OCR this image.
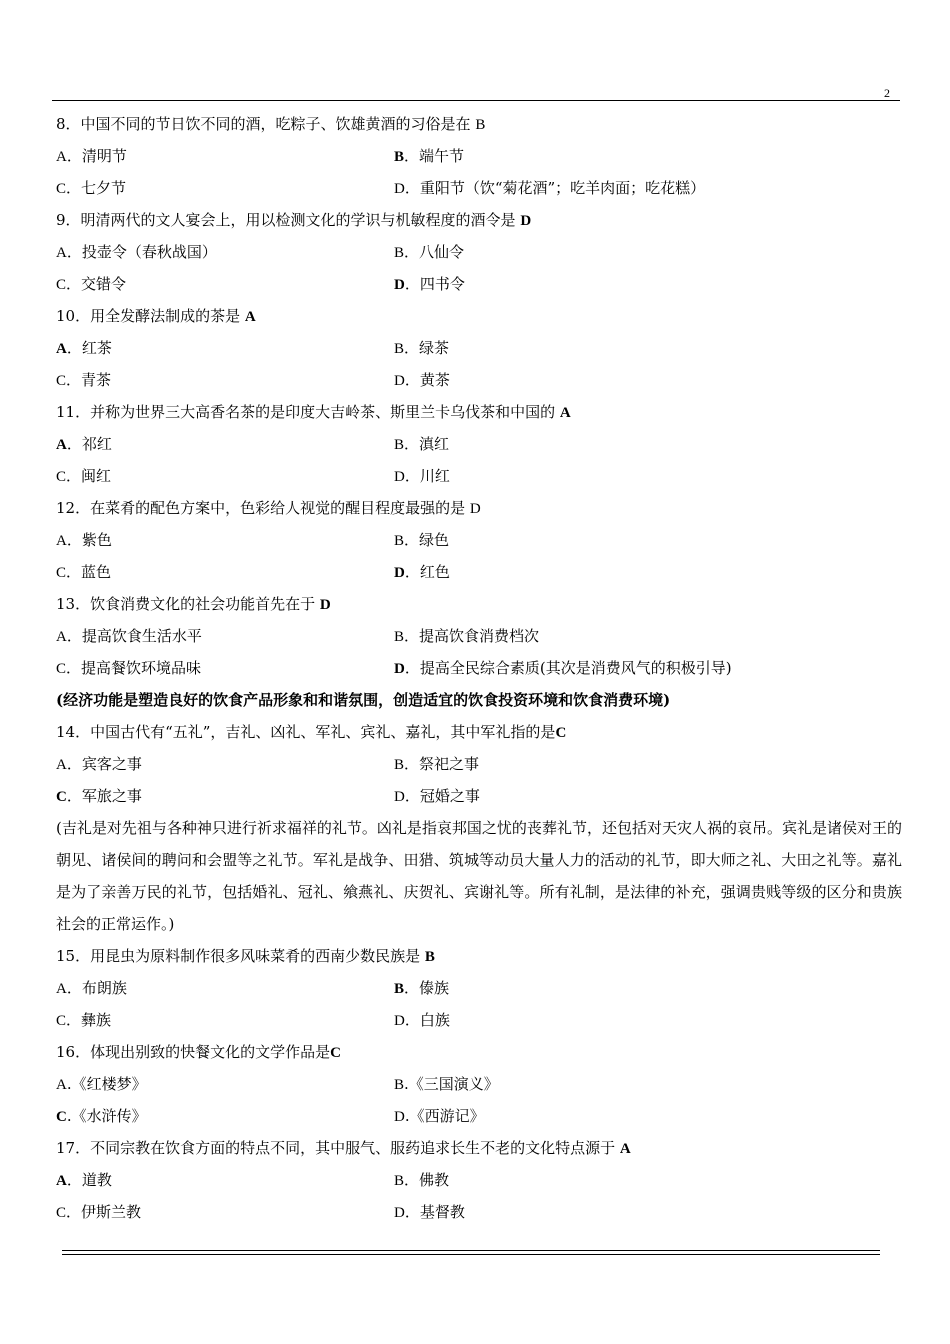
2
8．中国不同的节日饮不同的酒，吃粽子、饮雄黄酒的习俗是在 B
A．清明节	B．端午节
C．七夕节	D．重阳节（饮“菊花酒”；吃羊肉面；吃花糕）
9．明清两代的文人宴会上，用以检测文化的学识与机敏程度的酒令是 D
A．投壶令（春秋战国）	B．八仙令
C．交错令	D．四书令
10．用全发酵法制成的茶是 A
A．红茶	B．绿茶
C．青茶	D．黄茶
11．并称为世界三大高香名茶的是印度大吉岭茶、斯里兰卡乌伐茶和中国的 A
A．祁红	B．滇红
C．闽红	D．川红
12．在菜肴的配色方案中，色彩给人视觉的醒目程度最强的是 D
A．紫色	B．绿色
C．蓝色	D．红色
13．饮食消费文化的社会功能首先在于 D
A．提高饮食生活水平	B．提高饮食消费档次
C．提高餐饮环境品味	D．提高全民综合素质(其次是消费风气的积极引导)
(经济功能是塑造良好的饮食产品形象和和谐氛围，创造适宜的饮食投资环境和饮食消费环境)
14．中国古代有“五礼”，吉礼、凶礼、军礼、宾礼、嘉礼，其中军礼指的是C
A．宾客之事	B．祭祀之事
C．军旅之事	D．冠婚之事
(吉礼是对先祖与各种神只进行祈求福祥的礼节。凶礼是指哀邦国之忧的丧葬礼节，还包括对天灾人祸的哀吊。宾礼是诸侯对王的朝见、诸侯间的聘问和会盟等之礼节。军礼是战争、田猎、筑城等动员大量人力的活动的礼节，即大师之礼、大田之礼等。嘉礼是为了亲善万民的礼节，包括婚礼、冠礼、飨燕礼、庆贺礼、宾谢礼等。所有礼制，是法律的补充，强调贵贱等级的区分和贵族社会的正常运作。)
15．用昆虫为原料制作很多风味菜肴的西南少数民族是 B
A．布朗族	B．傣族
C．彝族	D．白族
16．体现出别致的快餐文化的文学作品是C
A.《红楼梦》	B.《三国演义》
C.《水浒传》	D.《西游记》
17．不同宗教在饮食方面的特点不同，其中服气、服药追求长生不老的文化特点源于 A
A．道教	B．佛教
C．伊斯兰教	D．基督教
